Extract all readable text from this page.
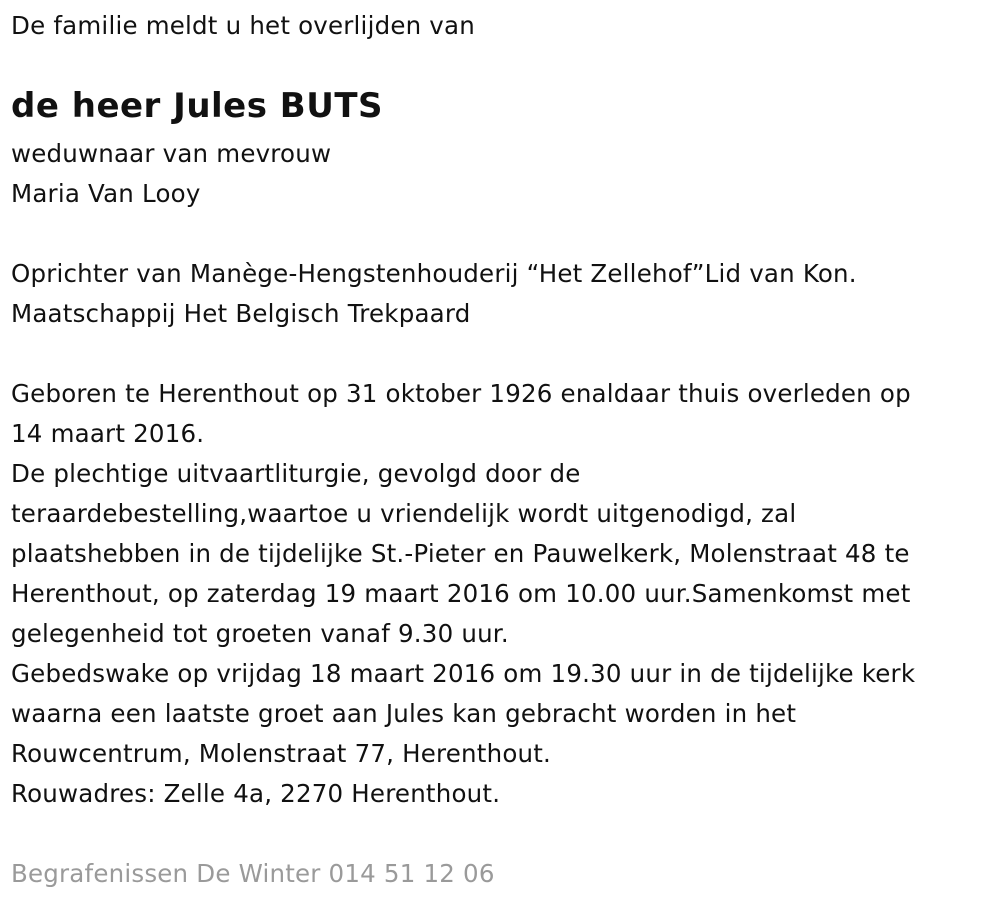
De familie meldt u het overlijden van
de heer Jules BUTS
weduwnaar van mevrouw
Maria Van Looy
Oprichter van Manège-Hengstenhouderij “Het Zellehof”Lid van Kon.
Maatschappij Het Belgisch Trekpaard
Geboren te Herenthout op 31 oktober 1926 enaldaar thuis overleden op
14 maart 2016.
De plechtige uitvaartliturgie, gevolgd door de
teraardebestelling,waartoe u vriendelijk wordt uitgenodigd, zal
plaatshebben in de tijdelijke St.-Pieter en Pauwelkerk, Molenstraat 48 te
Herenthout, op zaterdag 19 maart 2016 om 10.00 uur.Samenkomst met
gelegenheid tot groeten vanaf 9.30 uur.
Gebedswake op vrijdag 18 maart 2016 om 19.30 uur in de tijdelijke kerk
waarna een laatste groet aan Jules kan gebracht worden in het
Rouwcentrum, Molenstraat 77, Herenthout.
Rouwadres: Zelle 4a, 2270 Herenthout.
Begrafenissen De Winter 014 51 12 06
